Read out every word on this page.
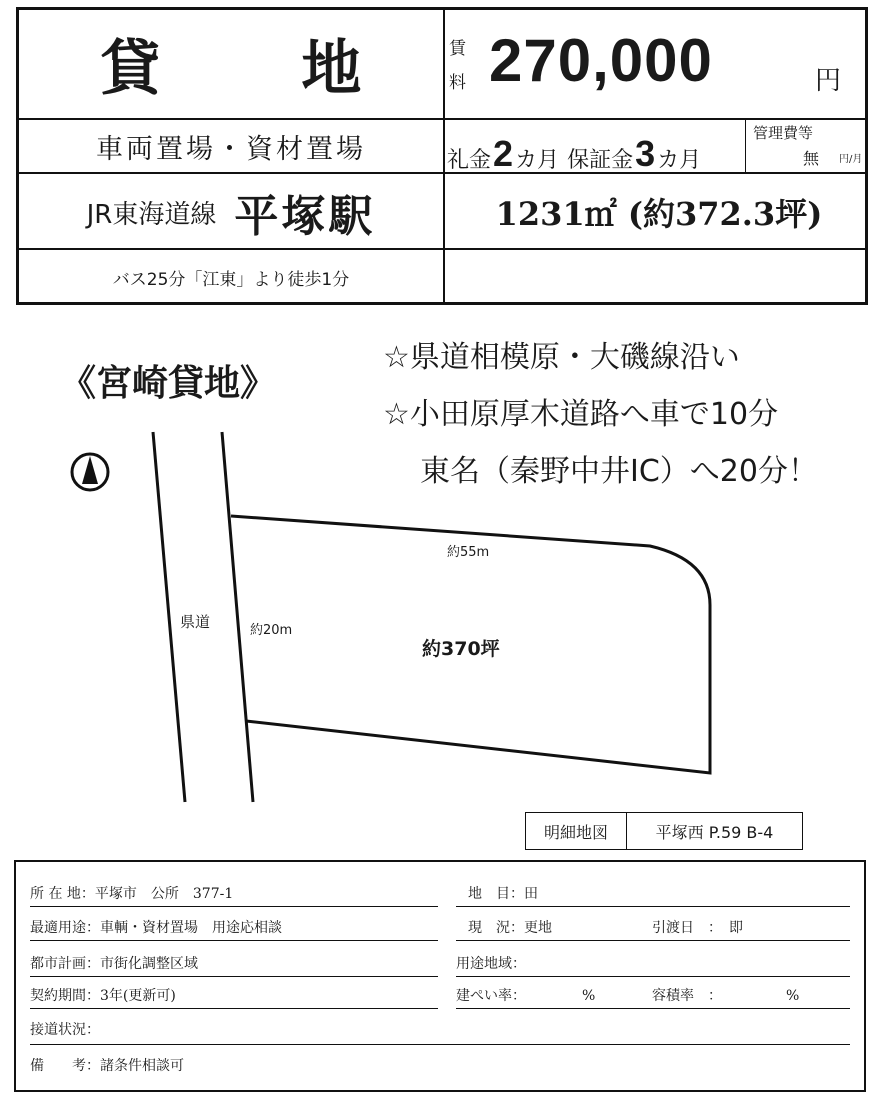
貸 地	賃
料 270,000	円
車両置場・資材置場	礼金 2 カ月 保証金 3 カ月
管理費等
無 円/月
JR東海道線 平塚駅	1231㎡ (約372.3坪)
バス25分「江東」より徒歩1分
《宮崎貸地》
☆県道相模原・大磯線沿い
☆小田原厚木道路へ車で10分
東名（秦野中井IC）へ20分！
県道	約20m
約55m
約370坪
明細地図	平塚西 P.59 B-4
所 在 地：平塚市　公所　377-1
最適用途：車輌・資材置場　用途応相談
都市計画：市街化調整区域
契約期間：3年(更新可)
接道状況：
備　　考：諸条件相談可
地　目：田
現　況：更地	引渡日　：　即
用途地域：
建ぺい率：	%	容積率　：	%
